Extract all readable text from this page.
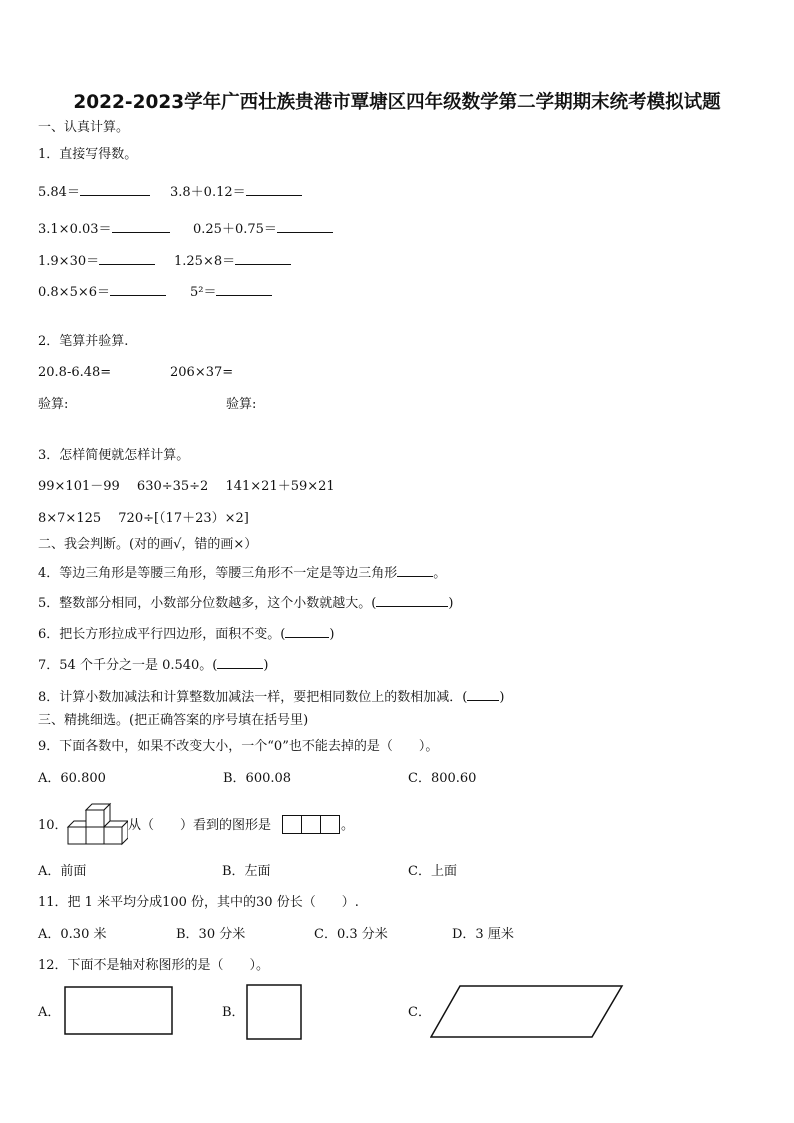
2022-2023学年广西壮族贵港市覃塘区四年级数学第二学期期末统考模拟试题
一、认真计算。
1．直接写得数。
5.84＝	3.8＋0.12＝
3.1×0.03＝	0.25＋0.75＝
1.9×30＝	1.25×8＝
0.8×5×6＝	5²＝
2．笔算并验算.
20.8-6.48=	206×37=
验算:	验算:
3．怎样简便就怎样计算。
99×101－99　 630÷35÷2　 141×21＋59×21
8×7×125　 720÷[（17＋23）×2]
二、我会判断。(对的画√，错的画×）
4．等边三角形是等腰三角形，等腰三角形不一定是等边三角形	。
5．整数部分相同，小数部分位数越多，这个小数就越大。(	)
6．把长方形拉成平行四边形，面积不变。(	)
7．54 个千分之一是 0.540。(	)
8．计算小数加减法和计算整数加减法一样，要把相同数位上的数相加减．( )
三、精挑细选。(把正确答案的序号填在括号里)
9．下面各数中，如果不改变大小，一个“0”也不能去掉的是（　　）。
A．60.800	B．600.08	C．800.60
10．	从（　　）看到的图形是	。
A．前面	B．左面	C．上面
11．把 1 米平均分成100 份，其中的30 份长（　　）.
A．0.30 米	B．30 分米	C．0.3 分米	D．3 厘米
12．下面不是轴对称图形的是（　　）。
A．	B．	C．
